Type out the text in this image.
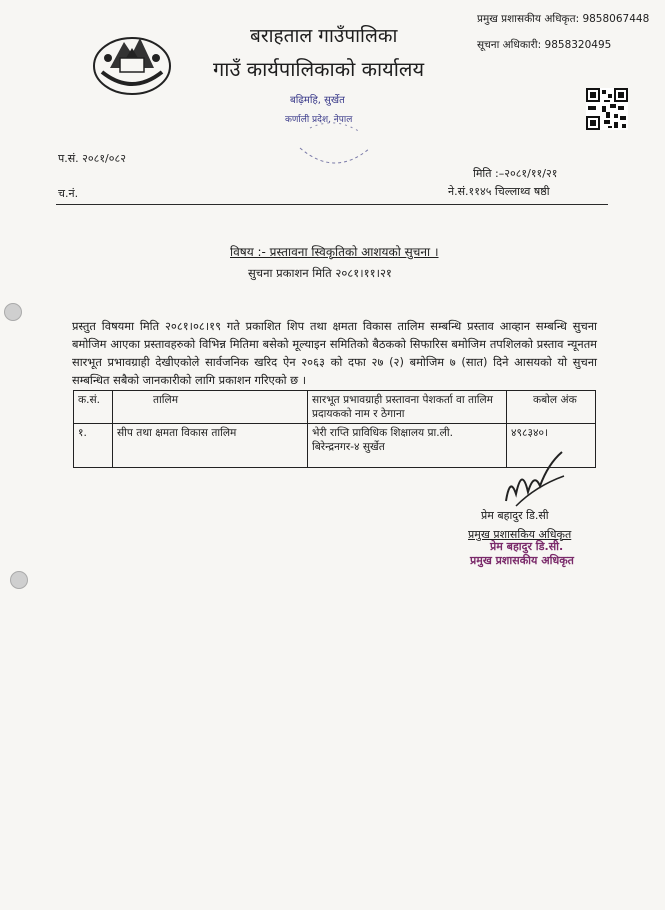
बराहताल गाउँपालिका
गाउँ कार्यपालिकाको कार्यालय
बढ़िमहि, सुर्खेत
कर्णाली प्रदेश, नेपाल
प्रमुख प्रशासकीय अधिकृत: 9858067448
सूचना अधिकारी: 9858320495
प.सं. २०८१/०८२
च.नं.
मिति :–२०८१/११/२१
ने.सं.११४५ चिल्लाथ्व षष्ठी
विषय :- प्रस्तावना स्विकृतिको आशयको सुचना ।
सुचना प्रकाशन मिति २०८१।११।२१
प्रस्तुत विषयमा मिति २०८१।०८।१९ गते प्रकाशित शिप तथा क्षमता विकास तालिम सम्बन्धि प्रस्ताव आव्हान सम्बन्धि सुचना बमोजिम आएका प्रस्तावहरुको विभिन्न मितिमा बसेको मूल्याइन समितिको बैठकको सिफारिस बमोजिम तपशिलको प्रस्ताव न्यूनतम सारभूत प्रभावग्राही देखीएकोले सार्वजनिक खरिद ऐन २०६३ को दफा २७ (२) बमोजिम ७ (सात) दिने आसयको यो सुचना सम्बन्धित सबैको जानकारीको लागि प्रकाशन गरिएको छ ।
क.सं.	तालिम	सारभूत प्रभावग्राही प्रस्तावना पेशकर्ता वा तालिम प्रदायकको नाम र ठेगाना	कबोल अंक
१.	सीप तथा क्षमता विकास तालिम	भेरी राप्ति प्राविधिक शिक्षालय प्रा.ली. बिरेन्द्रनगर-४ सुर्खेत	४९८३४०।
प्रेम बहादुर डि.सी
प्रमुख प्रशासकिय अधिकृत
प्रेम बहादुर डि.सी.
प्रमुख प्रशासकीय अधिकृत
